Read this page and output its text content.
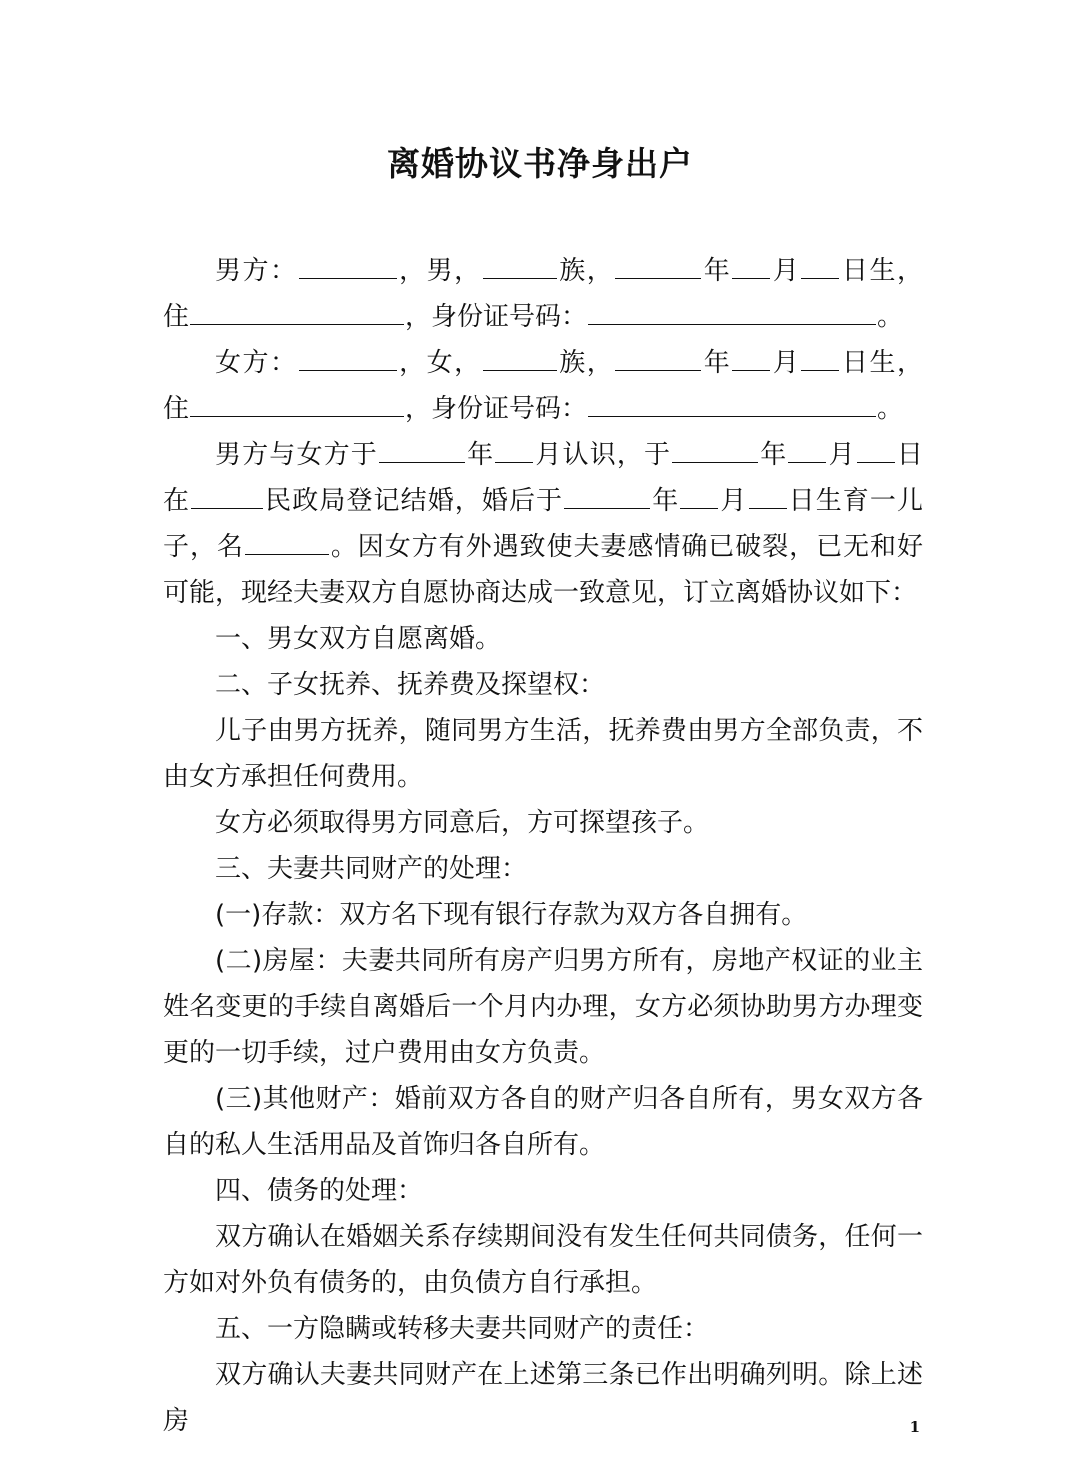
离婚协议书净身出户

男方：	，男，	族，	年 月 日生，住	，身份证号码：	。

女方：	，女，	族，	年 月 日生，住	，身份证号码：	。

男方与女方于	年 月认识，于	年 月 日在	民政局登记结婚，婚后于	年 月 日生育一儿子，名	。因女方有外遇致使夫妻感情确已破裂，已无和好可能，现经夫妻双方自愿协商达成一致意见，订立离婚协议如下：

一、男女双方自愿离婚。

二、子女抚养、抚养费及探望权：

儿子由男方抚养，随同男方生活，抚养费由男方全部负责，不由女方承担任何费用。

女方必须取得男方同意后，方可探望孩子。

三、夫妻共同财产的处理：

(一)存款：双方名下现有银行存款为双方各自拥有。

(二)房屋：夫妻共同所有房产归男方所有，房地产权证的业主姓名变更的手续自离婚后一个月内办理，女方必须协助男方办理变更的一切手续，过户费用由女方负责。

(三)其他财产：婚前双方各自的财产归各自所有，男女双方各自的私人生活用品及首饰归各自所有。

四、债务的处理：

双方确认在婚姻关系存续期间没有发生任何共同债务，任何一方如对外负有债务的，由负债方自行承担。

五、一方隐瞒或转移夫妻共同财产的责任：

双方确认夫妻共同财产在上述第三条已作出明确列明。除上述房	1
